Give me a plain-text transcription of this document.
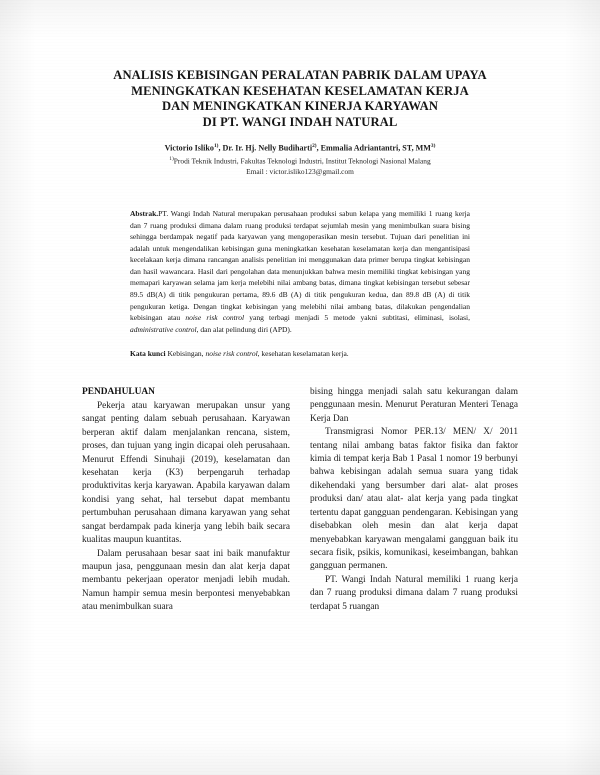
ANALISIS KEBISINGAN PERALATAN PABRIK DALAM UPAYA
MENINGKATKAN KESEHATAN KESELAMATAN KERJA
DAN MENINGKATKAN KINERJA KARYAWAN
DI PT. WANGI INDAH NATURAL
Victorio Isliko$^{1)}$, Dr. Ir. Hj. Nelly Budiharti$^{2)}$, Emmalia Adriantantri, ST, MM$^{3)}$
$^{1)}$Prodi Teknik Industri, Fakultas Teknologi Industri, Institut Teknologi Nasional Malang
Email : victor.isliko123@gmail.com
Abstrak.PT. Wangi Indah Natural merupakan perusahaan produksi sabun kelapa yang memiliki 1 ruang kerja dan 7 ruang produksi dimana dalam ruang produksi terdapat sejumlah mesin yang menimbulkan suara bising sehingga berdampak negatif pada karyawan yang mengoperasikan mesin tersebut. Tujuan dari penelitian ini adalah untuk mengendalikan kebisingan guna meningkatkan kesehatan keselamatan kerja dan mengantisipasi kecelakaan kerja dimana rancangan analisis penelitian ini menggunakan data primer berupa tingkat kebisingan dan hasil wawancara. Hasil dari pengolahan data menunjukkan bahwa mesin memiliki tingkat kebisingan yang memapari karyawan selama jam kerja melebihi nilai ambang batas, dimana tingkat kebisingan tersebut sebesar 89.5 dB(A) di titik pengukuran pertama, 89.6 dB (A) di titik pengukuran kedua, dan 89.8 dB (A) di titik pengukuran ketiga. Dengan tingkat kebisingan yang melebihi nilai ambang batas, dilakukan pengendalian kebisingan atau noise risk control yang terbagi menjadi 5 metode yakni subtitasi, eliminasi, isolasi, administrative control, dan alat pelindung diri (APD).
Kata kunci Kebisingan, noise risk control, kesehatan keselamatan kerja.
PENDAHULUAN

Pekerja atau karyawan merupakan unsur yang sangat penting dalam sebuah perusahaan. Karyawan berperan aktif dalam menjalankan rencana, sistem, proses, dan tujuan yang ingin dicapai oleh perusahaan. Menurut Effendi Sinuhaji (2019), keselamatan dan kesehatan kerja (K3) berpengaruh terhadap produktivitas kerja karyawan. Apabila karyawan dalam kondisi yang sehat, hal tersebut dapat membantu pertumbuhan perusahaan dimana karyawan yang sehat sangat berdampak pada kinerja yang lebih baik secara kualitas maupun kuantitas.

Dalam perusahaan besar saat ini baik manufaktur maupun jasa, penggunaan mesin dan alat kerja dapat membantu pekerjaan operator menjadi lebih mudah. Namun hampir semua mesin berpontesi menyebabkan atau menimbulkan suara

bising hingga menjadi salah satu kekurangan dalam penggunaan mesin. Menurut Peraturan Menteri Tenaga Kerja Dan

Transmigrasi Nomor PER.13/ MEN/ X/ 2011 tentang nilai ambang batas faktor fisika dan faktor kimia di tempat kerja Bab 1 Pasal 1 nomor 19 berbunyi bahwa kebisingan adalah semua suara yang tidak dikehendaki yang bersumber dari alat- alat proses produksi dan/ atau alat- alat kerja yang pada tingkat tertentu dapat gangguan pendengaran. Kebisingan yang disebabkan oleh mesin dan alat kerja dapat menyebabkan karyawan mengalami gangguan baik itu secara fisik, psikis, komunikasi, keseimbangan, bahkan gangguan permanen.

PT. Wangi Indah Natural memiliki 1 ruang kerja dan 7 ruang produksi dimana dalam 7 ruang produksi terdapat 5 ruangan
